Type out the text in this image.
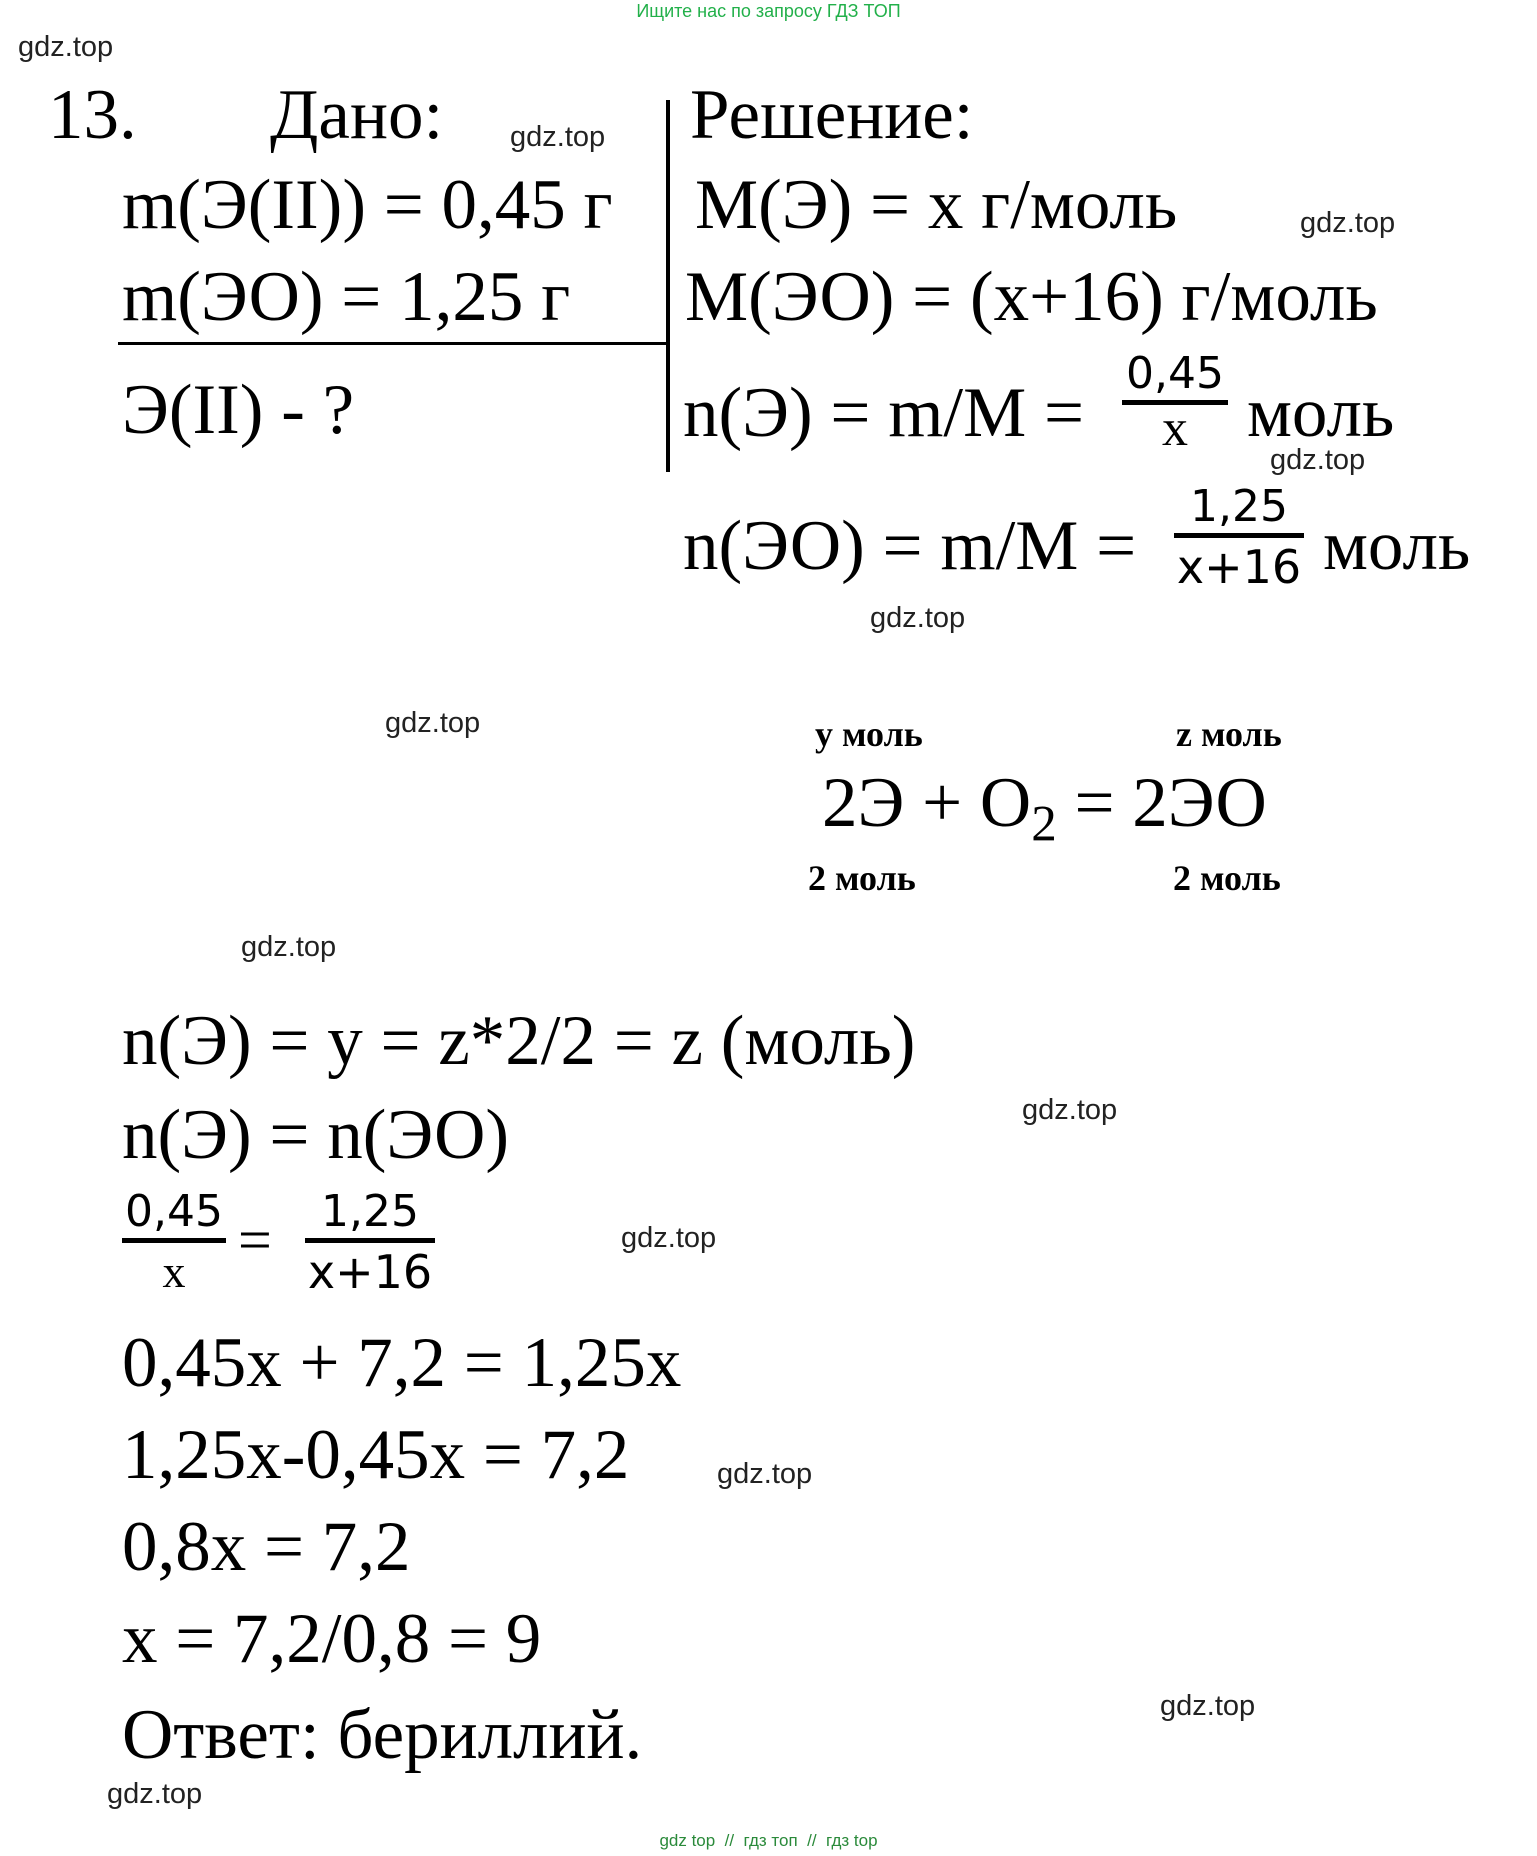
Ищите нас по запросу ГДЗ ТОП
gdz.top
gdz.top
gdz.top
gdz.top
gdz.top
gdz.top
gdz.top
gdz.top
gdz.top
gdz.top
gdz.top
gdz.top
13. Дано:
m(Э(II)) = 0,45 г
m(ЭО) = 1,25 г
Э(II) - ?
Решение:
M(Э) = x г/моль
M(ЭО) = (x+16) г/моль
n(Э) = m/M =
0,45
x моль
n(ЭО) = m/M =
1,25
x+16 моль
y моль	z моль
$2Э + O_2 = 2ЭО$
2 моль	2 моль
n(Э) = y = z*2/2 = z (моль)
n(Э) = n(ЭО)
0,45
x = 1,25
x+16
0,45x + 7,2 = 1,25x
1,25x-0,45x = 7,2
0,8x = 7,2
x = 7,2/0,8 = 9
Ответ: бериллий.
gdz top  //  гдз топ  //  гдз top
